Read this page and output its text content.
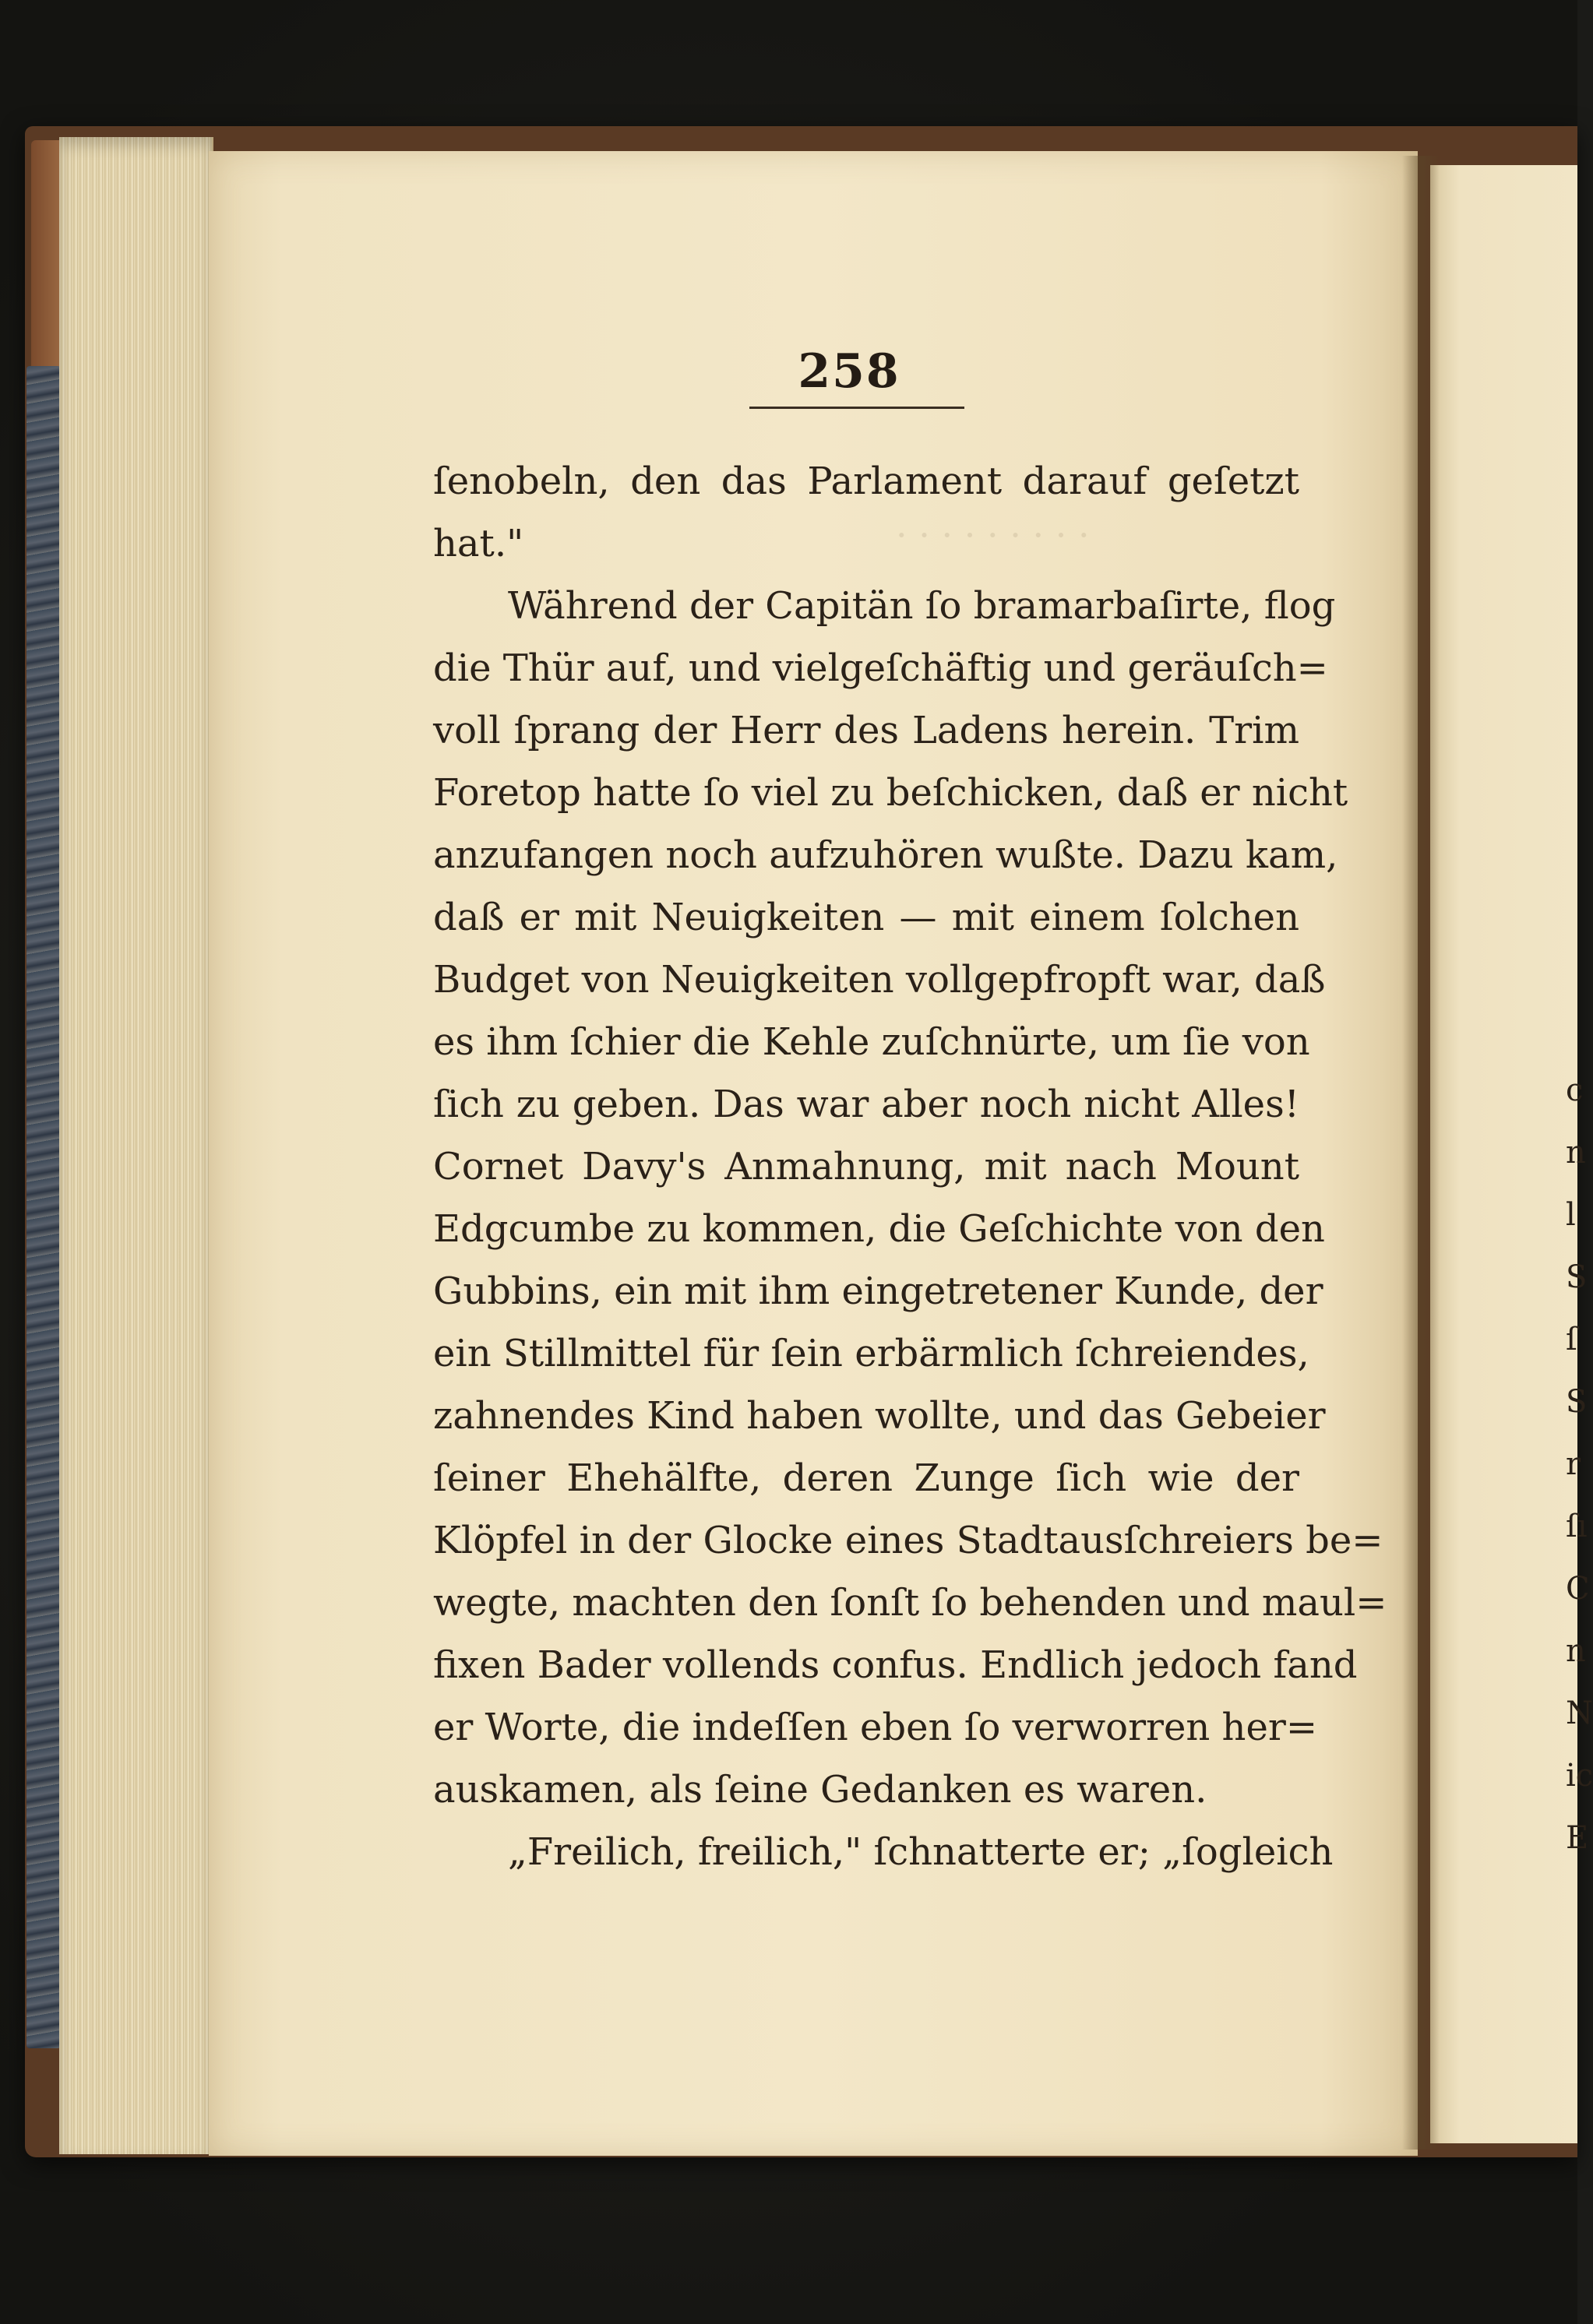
· · · · · · · · ·
258
ſenobeln, den das Parlament darauf geſetzt
hat."
Während der Capitän ſo bramarbaſirte, flog
die Thür auf, und vielgeſchäftig und geräuſch=
voll ſprang der Herr des Ladens herein. Trim
Foretop hatte ſo viel zu beſchicken, daß er nicht
anzufangen noch aufzuhören wußte. Dazu kam,
daß er mit Neuigkeiten — mit einem ſolchen
Budget von Neuigkeiten vollgepfropft war, daß
es ihm ſchier die Kehle zuſchnürte, um ſie von
ſich zu geben. Das war aber noch nicht Alles!
Cornet Davy's Anmahnung, mit nach Mount
Edgcumbe zu kommen, die Geſchichte von den
Gubbins, ein mit ihm eingetretener Kunde, der
ein Stillmittel für ſein erbärmlich ſchreiendes,
zahnendes Kind haben wollte, und das Gebeier
ſeiner Ehehälfte, deren Zunge ſich wie der
Klöpfel in der Glocke eines Stadtausſchreiers be=
wegte, machten den ſonſt ſo behenden und maul=
fixen Bader vollends confus. Endlich jedoch fand
er Worte, die indeſſen eben ſo verworren her=
auskamen, als ſeine Gedanken es waren.
„Freilich, freilich," ſchnatterte er; „ſogleich
c
n
l
S
ſ
S
r
ſı
C
n
N
ic
E
